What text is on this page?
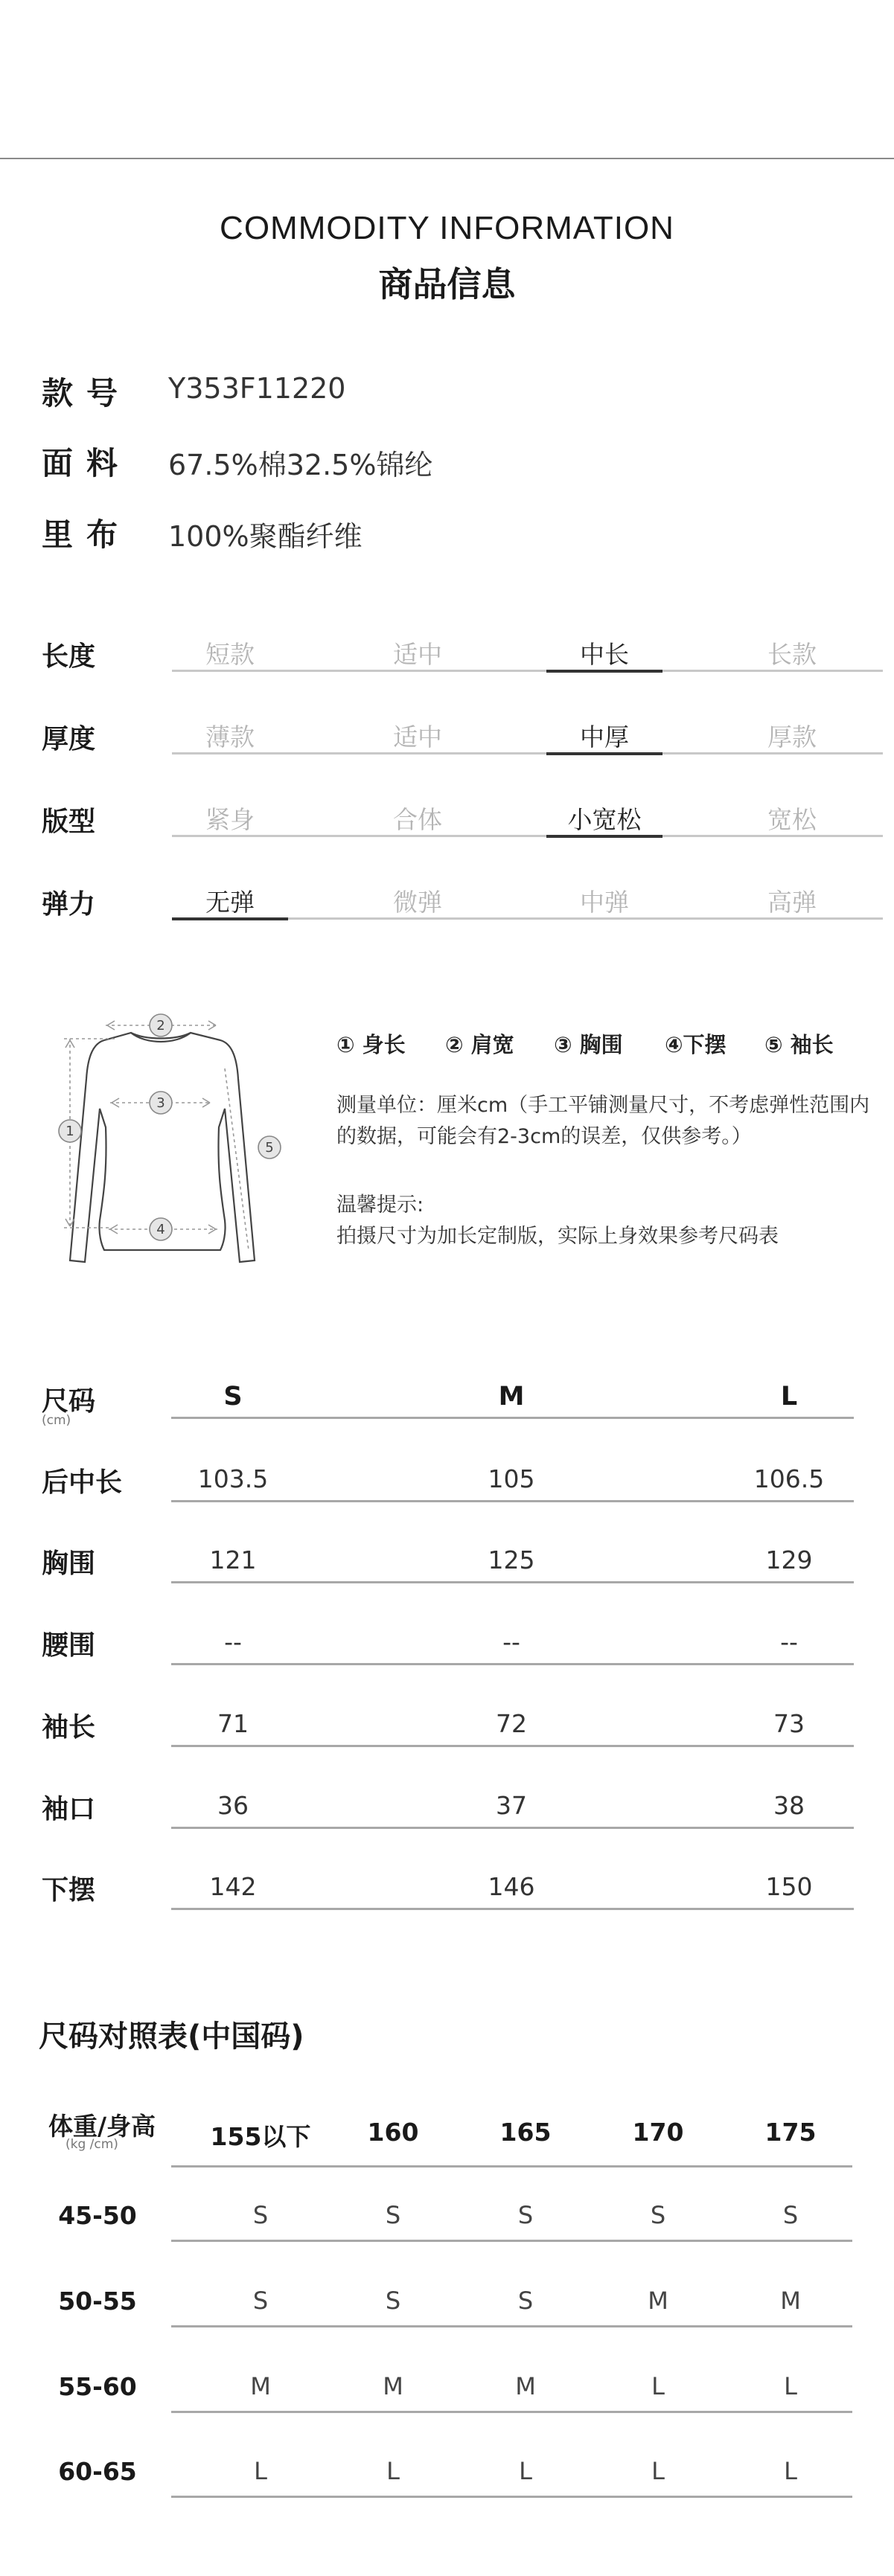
COMMODITY INFORMATION
商品信息
款号 Y353F11220
面料 67.5%棉32.5%锦纶
里布 100%聚酯纤维
长度	短款	适中	中长	长款
厚度	薄款	适中	中厚	厚款
版型	紧身	合体	小宽松	宽松
弹力	无弹	微弹	中弹	高弹
1
2
3
4
5
① 身长 ② 肩宽 ③ 胸围 ④下摆 ⑤ 袖长
测量单位：厘米cm（手工平铺测量尺寸，不考虑弹性范围内
的数据，可能会有2-3cm的误差，仅供参考。）
温馨提示:
拍摄尺寸为加长定制版，实际上身效果参考尺码表
尺码
(cm)
S	M	L
后中长	103.5	105	106.5
胸围	121	125	129
腰围	--	--	--
袖长	71	72	73
袖口	36	37	38
下摆	142	146	150
尺码对照表(中国码)
体重/身高
(kg /cm)	155以下	160	165	170	175
45-50	S	S	S	S	S
50-55	S	S	S	M	M
55-60	M	M	M	L	L
60-65	L	L	L	L	L
